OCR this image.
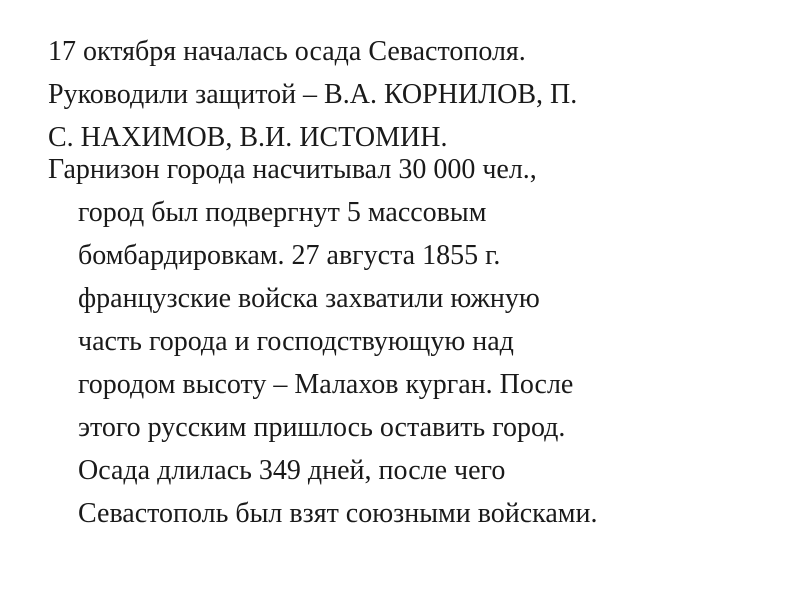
17 октября началась осада Севастополя.
Руководили защитой – В.А. КОРНИЛОВ, П.
С. НАХИМОВ, В.И. ИСТОМИН.
Гарнизон города насчитывал 30 000 чел.,
город был подвергнут 5 массовым
бомбардировкам. 27 августа 1855 г.
французские войска захватили южную
часть города и господствующую над
городом высоту – Малахов курган. После
этого русским пришлось оставить город.
Осада длилась 349 дней, после чего
Севастополь был взят союзными войсками.
